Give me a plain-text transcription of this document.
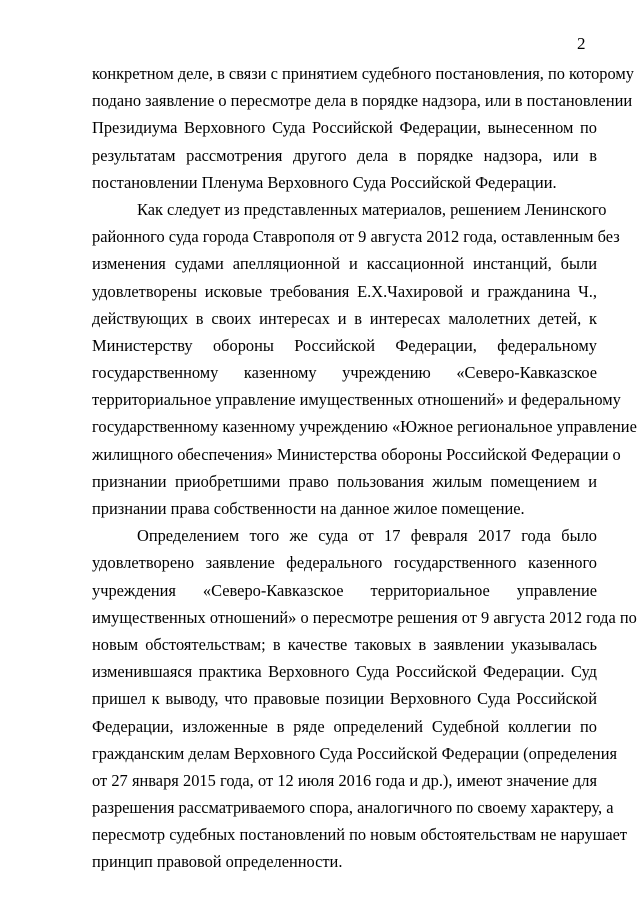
2
конкретном деле, в связи с принятием судебного постановления, по которому
подано заявление о пересмотре дела в порядке надзора, или в постановлении
Президиума Верховного Суда Российской Федерации, вынесенном по
результатам рассмотрения другого дела в порядке надзора, или в
постановлении Пленума Верховного Суда Российской Федерации.
Как следует из представленных материалов, решением Ленинского
районного суда города Ставрополя от 9 августа 2012 года, оставленным без
изменения судами апелляционной и кассационной инстанций, были
удовлетворены исковые требования Е.Х.Чахировой и гражданина Ч.,
действующих в своих интересах и в интересах малолетних детей, к
Министерству обороны Российской Федерации, федеральному
государственному казенному учреждению «Северо-Кавказское
территориальное управление имущественных отношений» и федеральному
государственному казенному учреждению «Южное региональное управление
жилищного обеспечения» Министерства обороны Российской Федерации о
признании приобретшими право пользования жилым помещением и
признании права собственности на данное жилое помещение.
Определением того же суда от 17 февраля 2017 года было
удовлетворено заявление федерального государственного казенного
учреждения «Северо-Кавказское территориальное управление
имущественных отношений» о пересмотре решения от 9 августа 2012 года по
новым обстоятельствам; в качестве таковых в заявлении указывалась
изменившаяся практика Верховного Суда Российской Федерации. Суд
пришел к выводу, что правовые позиции Верховного Суда Российской
Федерации, изложенные в ряде определений Судебной коллегии по
гражданским делам Верховного Суда Российской Федерации (определения
от 27 января 2015 года, от 12 июля 2016 года и др.), имеют значение для
разрешения рассматриваемого спора, аналогичного по своему характеру, а
пересмотр судебных постановлений по новым обстоятельствам не нарушает
принцип правовой определенности.
